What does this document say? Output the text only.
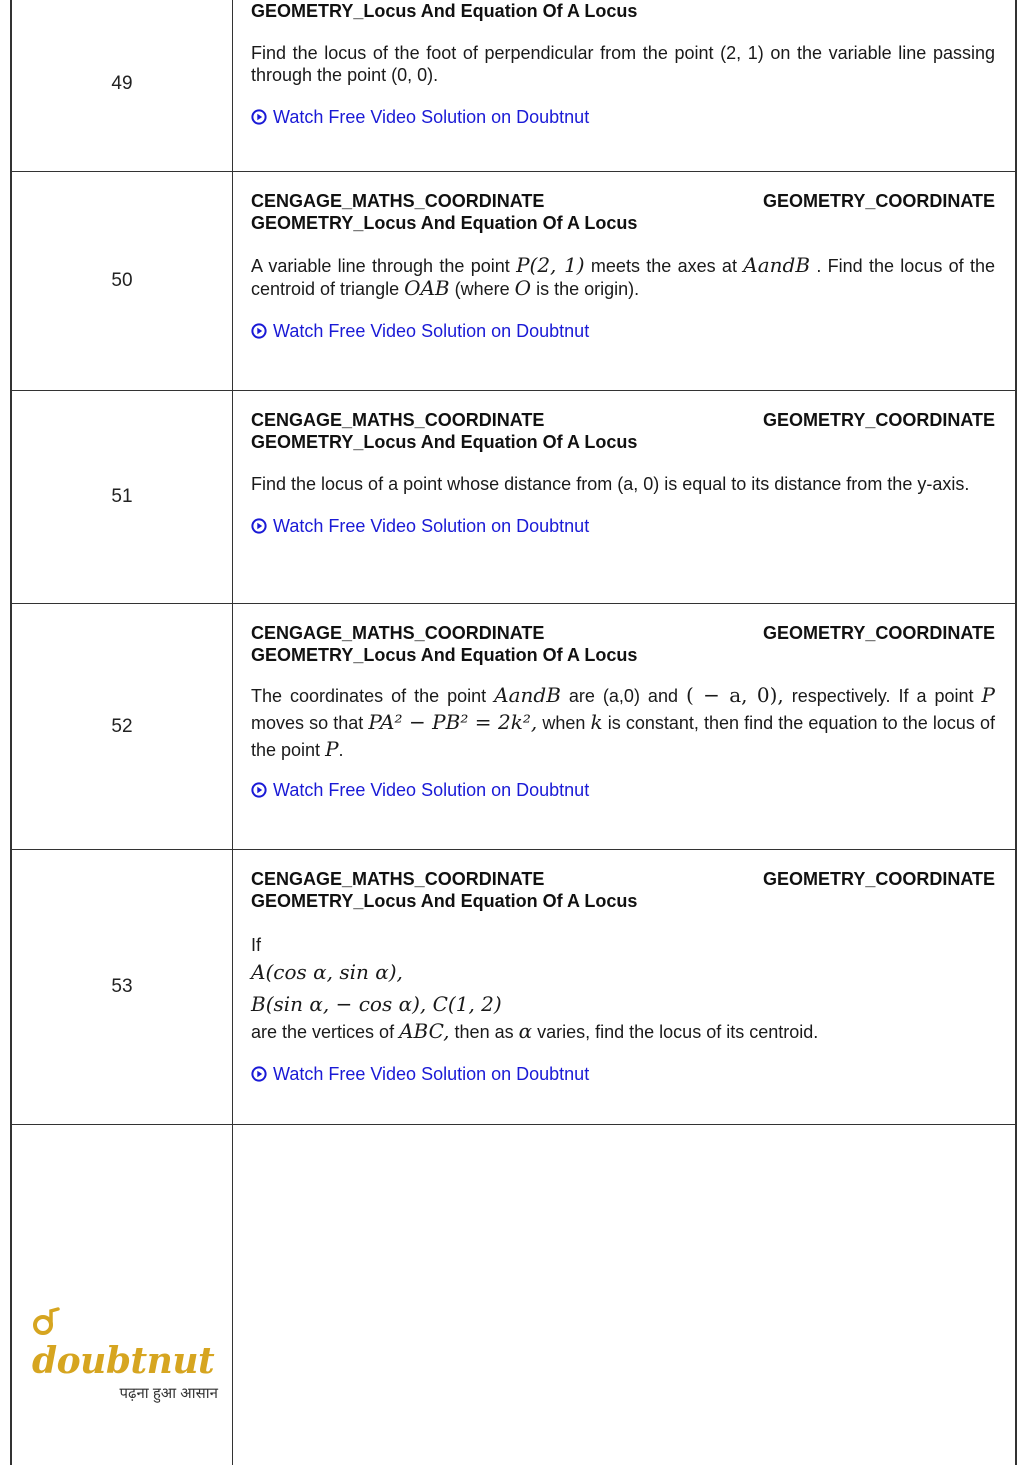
49
GEOMETRY_Locus And Equation Of A Locus
Find the locus of the foot of perpendicular from the point (2, 1) on the variable line passing through the point (0, 0).
Watch Free Video Solution on Doubtnut
50
CENGAGE_MATHS_COORDINATE	GEOMETRY_COORDINATE
GEOMETRY_Locus And Equation Of A Locus
A variable line through the point P(2, 1) meets the axes at AandB . Find the locus of the centroid of triangle OAB (where O is the origin).
Watch Free Video Solution on Doubtnut
51
CENGAGE_MATHS_COORDINATE	GEOMETRY_COORDINATE
GEOMETRY_Locus And Equation Of A Locus
Find the locus of a point whose distance from (a, 0) is equal to its distance from the y-axis.
Watch Free Video Solution on Doubtnut
52
CENGAGE_MATHS_COORDINATE	GEOMETRY_COORDINATE
GEOMETRY_Locus And Equation Of A Locus
The coordinates of the point AandB are (a,0) and ( − a, 0), respectively. If a point P moves so that PA² − PB² = 2k², when k is constant, then find the equation to the locus of the point P.
Watch Free Video Solution on Doubtnut
53
CENGAGE_MATHS_COORDINATE	GEOMETRY_COORDINATE
GEOMETRY_Locus And Equation Of A Locus
If
A(cos α, sin α),
B(sin α, − cos α), C(1, 2)
are the vertices of ABC, then as α varies, find the locus of its centroid.
Watch Free Video Solution on Doubtnut
doubtnut
पढ़ना हुआ आसान
